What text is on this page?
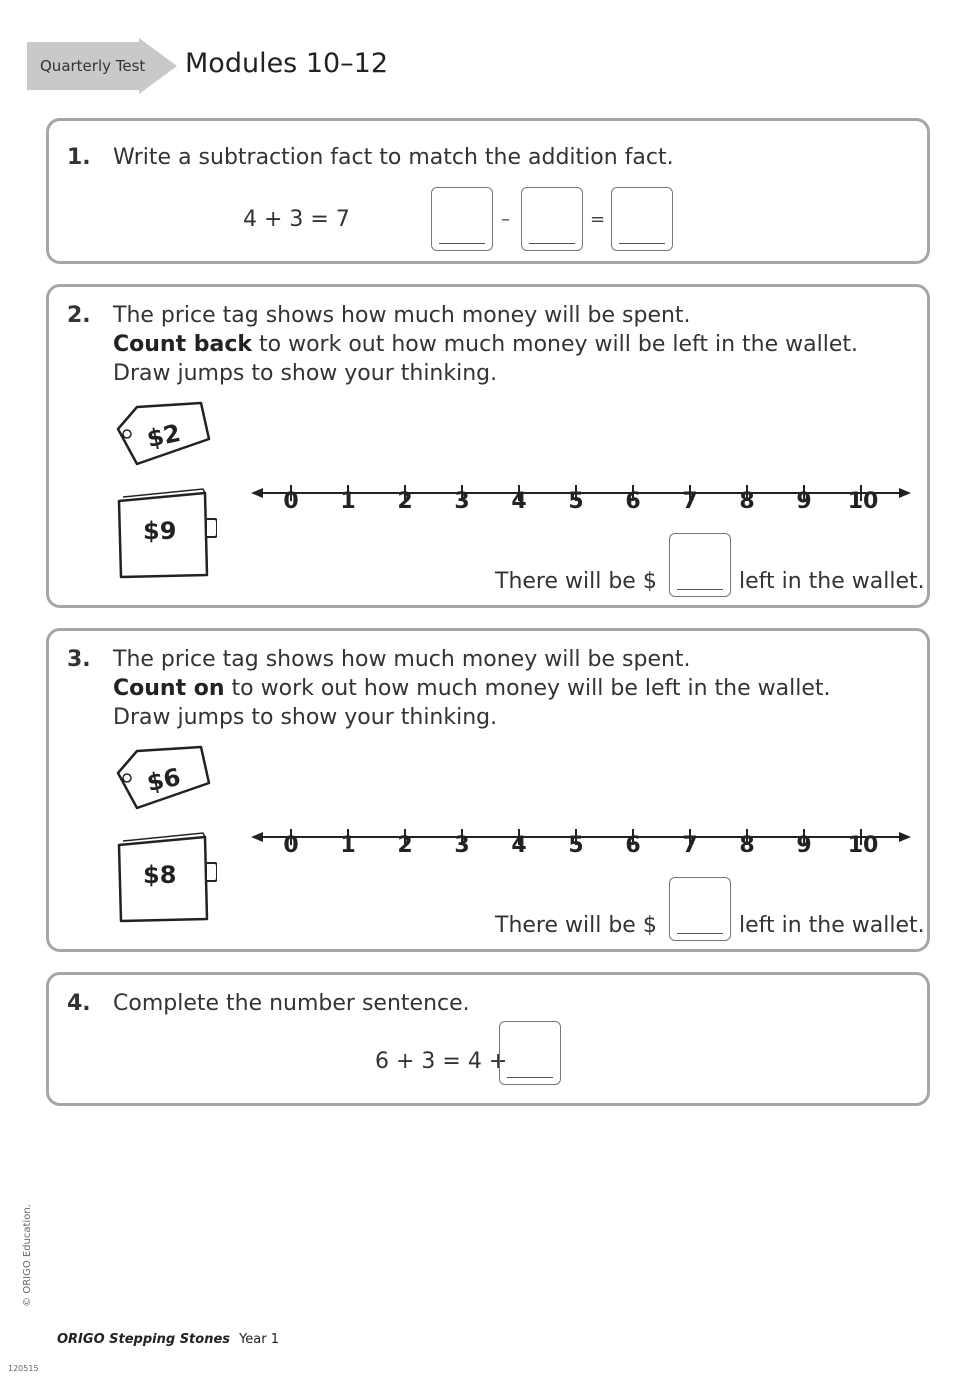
Quarterly Test Modules 10–12
1. Write a subtraction fact to match the addition fact.
4 + 3 = 7	–	=
2. The price tag shows how much money will be spent.
Count back to work out how much money will be left in the wallet.
Draw jumps to show your thinking.
$2
$9
0	1	2	3	4	5	6	7	8	9	10
There will be $	left in the wallet.
3. The price tag shows how much money will be spent.
Count on to work out how much money will be left in the wallet.
Draw jumps to show your thinking.
$6
$8
0	1	2	3	4	5	6	7	8	9	10
There will be $	left in the wallet.
4. Complete the number sentence.
6 + 3 = 4 +
ORIGO Stepping Stones Year 1
© ORIGO Education.
120515
